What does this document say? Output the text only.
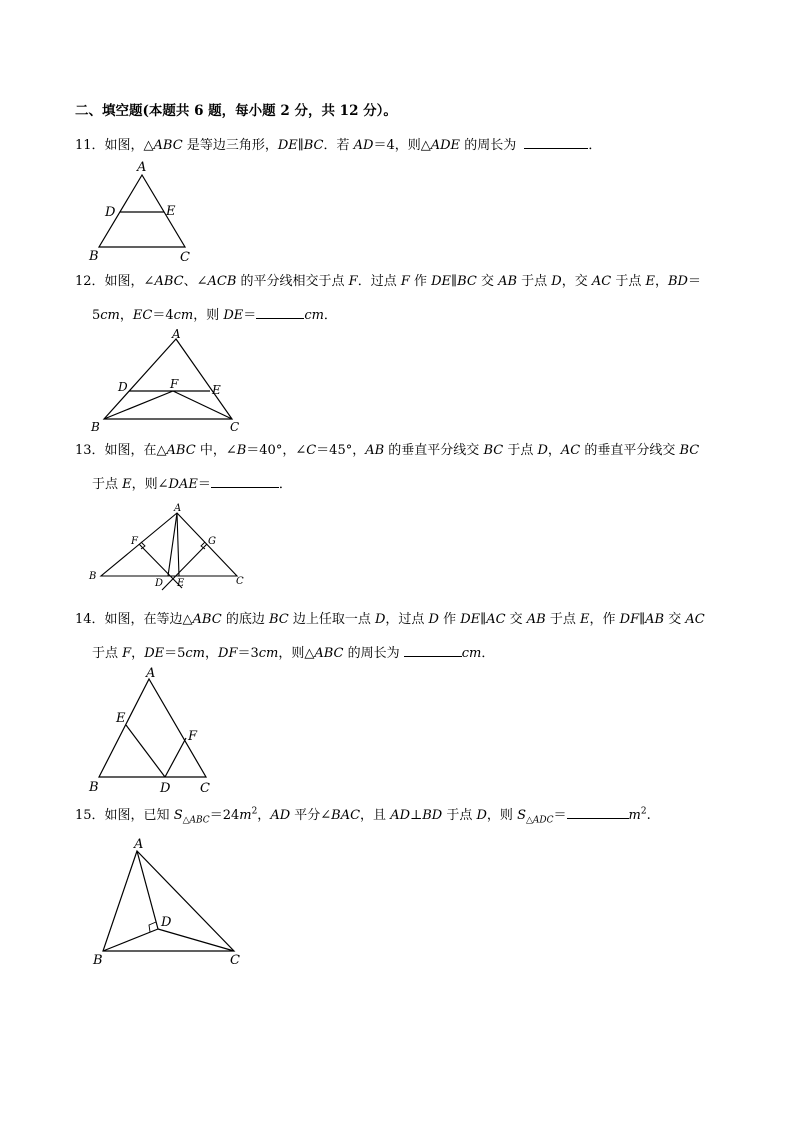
二、填空题(本题共 6 题，每小题 2 分，共 12 分）。
11．如图，△ABC 是等边三角形，DE∥BC．若 AD＝4，则△ADE 的周长为	．
A
D	E
B	C
12．如图，∠ABC、∠ACB 的平分线相交于点 F．过点 F 作 DE∥BC 交 AB 于点 D，交 AC 于点 E，BD＝
5cm，EC＝4cm，则 DE＝	cm．
A
D	F	E
B	C
13．如图，在△ABC 中，∠B＝40°，∠C＝45°，AB 的垂直平分线交 BC 于点 D，AC 的垂直平分线交 BC
于点 E，则∠DAE＝	．
A
F	G
B
D E	C
14．如图，在等边△ABC 的底边 BC 边上任取一点 D，过点 D 作 DE∥AC 交 AB 于点 E，作 DF∥AB 交 AC
于点 F，DE＝5cm，DF＝3cm，则△ABC 的周长为	cm．
A
E
F
B	D C
15．如图，已知 $S_{\triangle ABC}=24m^2$，AD 平分∠BAC，且 AD⊥BD 于点 D，则 $S_{\triangle ADC}=$	$m^2$.
A
D
B	C
